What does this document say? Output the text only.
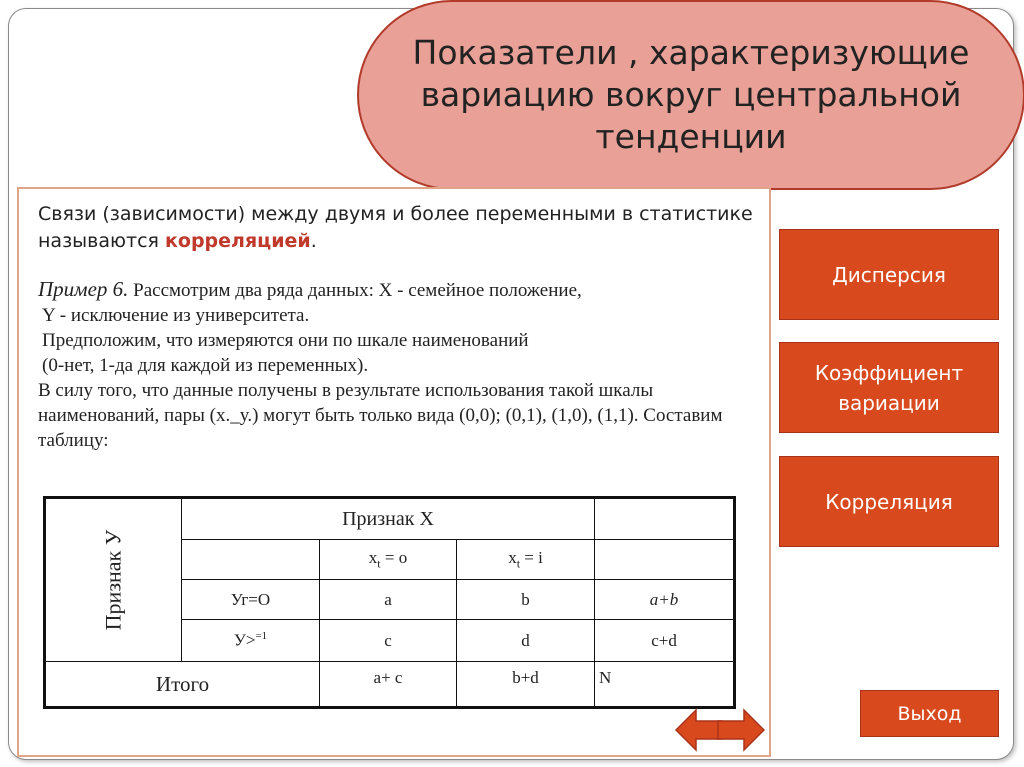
Показатели , характеризующие
вариацию вокруг центральной
тенденции
Связи (зависимости) между двумя и более переменными в статистике называются корреляцией.
Пример 6. Рассмотрим два ряда данных: Х - семейное положение,
Y - исключение из университета.
Предположим, что измеряются они по шкале наименований
(0-нет, 1-да для каждой из переменных).
В силу того, что данные получены в результате использования такой шкалы наименований, пары (х._у.) могут быть только вида (0,0); (0,1), (1,0), (1,1). Составим таблицу:
Признак У	Признак Х			
		$х_t = о$	$х_t = i$	
	Уг=О	a	b	a+b
	У>$^{=1}$	c	d	c+d
Итого		a+ c	b+d	N
Дисперсия
Коэффициент
вариации
Корреляция
Выход
